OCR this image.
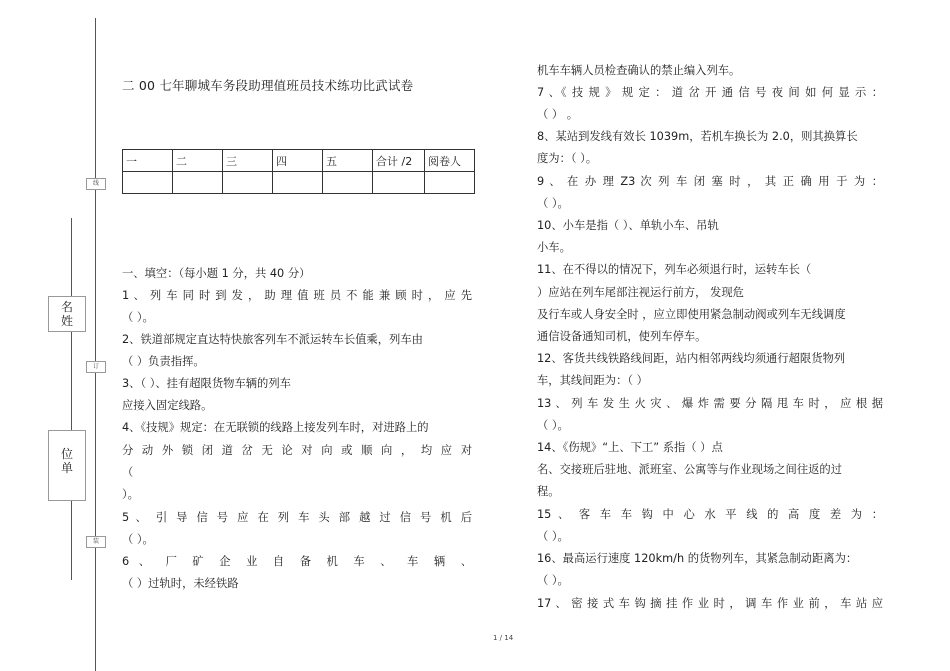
线
订
装
名
姓
位
单
二 00 七年聊城车务段助理值班员技术练功比武试卷
一	二	三	四	五	合计 /2	阅卷人

一、填空：（每小题 1 分，共 40 分）
1 、 列 车 同 时 到 发 ， 助 理 值 班 员 不 能 兼 顾 时 ， 应 先
（ ）。
2、铁道部规定直达特快旅客列车不派运转车长值乘，列车由
（ ）负责指挥。
3、（ ）、挂有超限货物车辆的列车
应接入固定线路。
4、《技规》规定：在无联锁的线路上接发列车时，对进路上的
分 动 外 锁 闭 道 岔 无 论 对 向 或 顺 向 ， 均 应 对
（
）。
5 、 引 导 信 号 应 在 列 车 头 部 越 过 信 号 机 后
（ ）。
6 、 厂 矿 企 业 自 备 机 车 、 车 辆 、
（ ）过轨时，未经铁路
机车车辆人员检查确认的禁止编入列车。
7 、《 技 规 》 规 定 ： 道 岔 开 通 信 号 夜 间 如 何 显 示 ：
（ ） 。
8、某站到发线有效长 1039m，若机车换长为 2.0，则其换算长
度为：（ ）。
9 、 在 办 理 Z3 次 列 车 闭 塞 时 ， 其 正 确 用 于 为 ：
（ ）。
10、小车是指（ ）、单轨小车、吊轨
小车。
11、在不得以的情况下，列车必须退行时，运转车长（
）应站在列车尾部注视运行前方， 发现危
及行车或人身安全时 ，应立即使用紧急制动阀或列车无线调度
通信设备通知司机，使列车停车。
12、客货共线铁路线间距，站内相邻两线均须通行超限货物列
车，其线间距为：（ ）
13 、 列 车 发 生 火 灾 、 爆 炸 需 要 分 隔 甩 车 时 ， 应 根 据
（ ）。
14、《伤规》“上、下工” 系指（ ）点
名、交接班后驻地、派班室、公寓等与作业现场之间往返的过
程。
15 、 客 车 车 钩 中 心 水 平 线 的 高 度 差 为 ：
（ ）。
16、最高运行速度 120km/h 的货物列车，其紧急制动距离为：
（ ）。
17 、 密 接 式 车 钩 摘 挂 作 业 时 ， 调 车 作 业 前 ， 车 站 应
1 / 14
